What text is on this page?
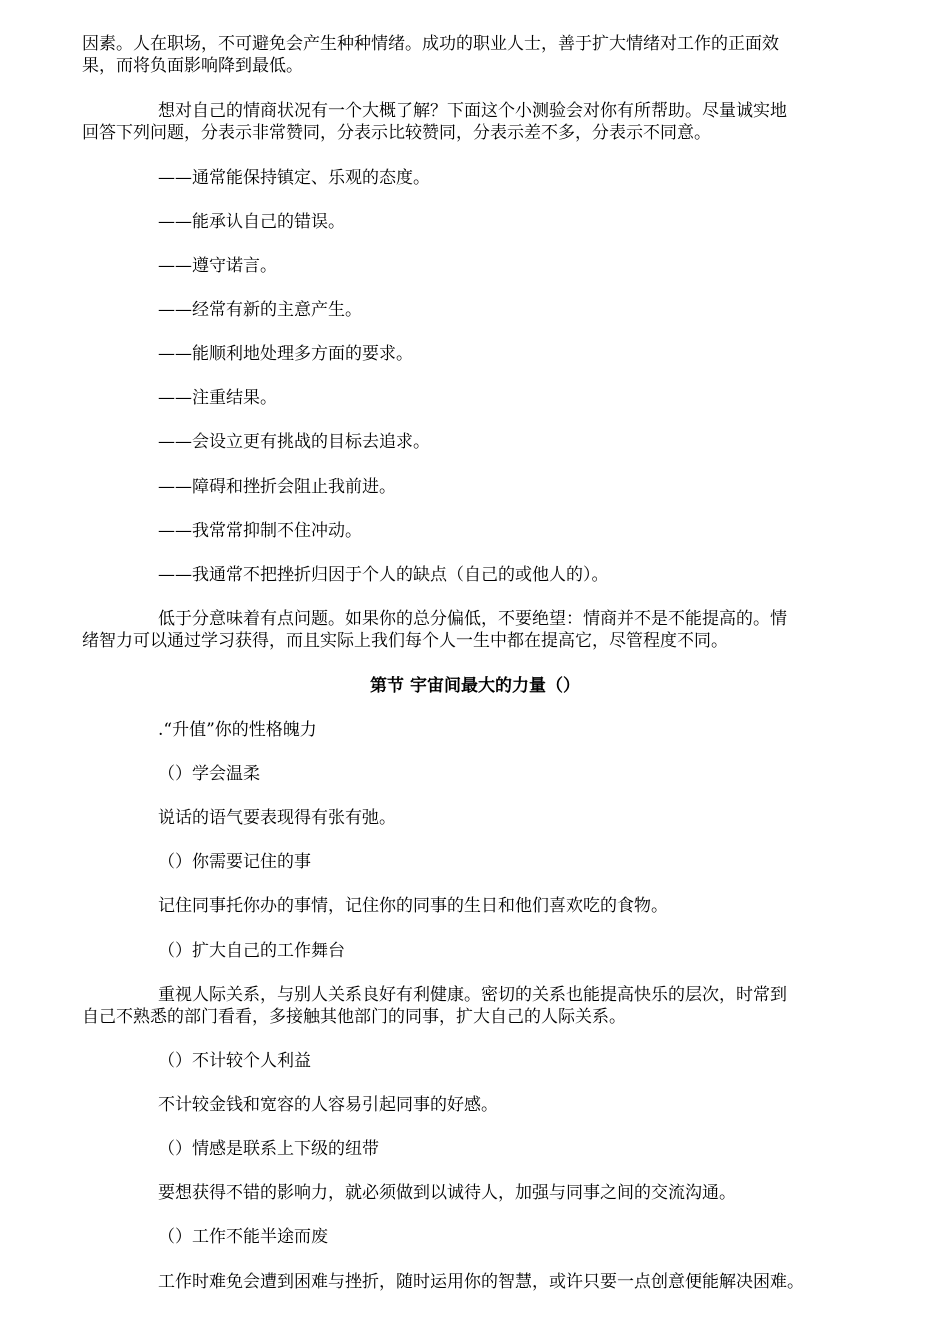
因素。人在职场，不可避免会产生种种情绪。成功的职业人士，善于扩大情绪对工作的正面效

果，而将负面影响降到最低。

想对自己的情商状况有一个大概了解？下面这个小测验会对你有所帮助。尽量诚实地

回答下列问题，分表示非常赞同，分表示比较赞同，分表示差不多，分表示不同意。

——通常能保持镇定、乐观的态度。

——能承认自己的错误。

——遵守诺言。

——经常有新的主意产生。

——能顺利地处理多方面的要求。

——注重结果。

——会设立更有挑战的目标去追求。

——障碍和挫折会阻止我前进。

——我常常抑制不住冲动。

——我通常不把挫折归因于个人的缺点（自己的或他人的）。

低于分意味着有点问题。如果你的总分偏低，不要绝望：情商并不是不能提高的。情

绪智力可以通过学习获得，而且实际上我们每个人一生中都在提高它，尽管程度不同。

第节 宇宙间最大的力量（）

.“升值”你的性格魄力

（）学会温柔

说话的语气要表现得有张有弛。

（）你需要记住的事

记住同事托你办的事情，记住你的同事的生日和他们喜欢吃的食物。

（）扩大自己的工作舞台

重视人际关系，与别人关系良好有利健康。密切的关系也能提高快乐的层次，时常到

自己不熟悉的部门看看，多接触其他部门的同事，扩大自己的人际关系。

（）不计较个人利益

不计较金钱和宽容的人容易引起同事的好感。

（）情感是联系上下级的纽带

要想获得不错的影响力，就必须做到以诚待人，加强与同事之间的交流沟通。

（）工作不能半途而废

工作时难免会遭到困难与挫折，随时运用你的智慧，或许只要一点创意便能解决困难。
